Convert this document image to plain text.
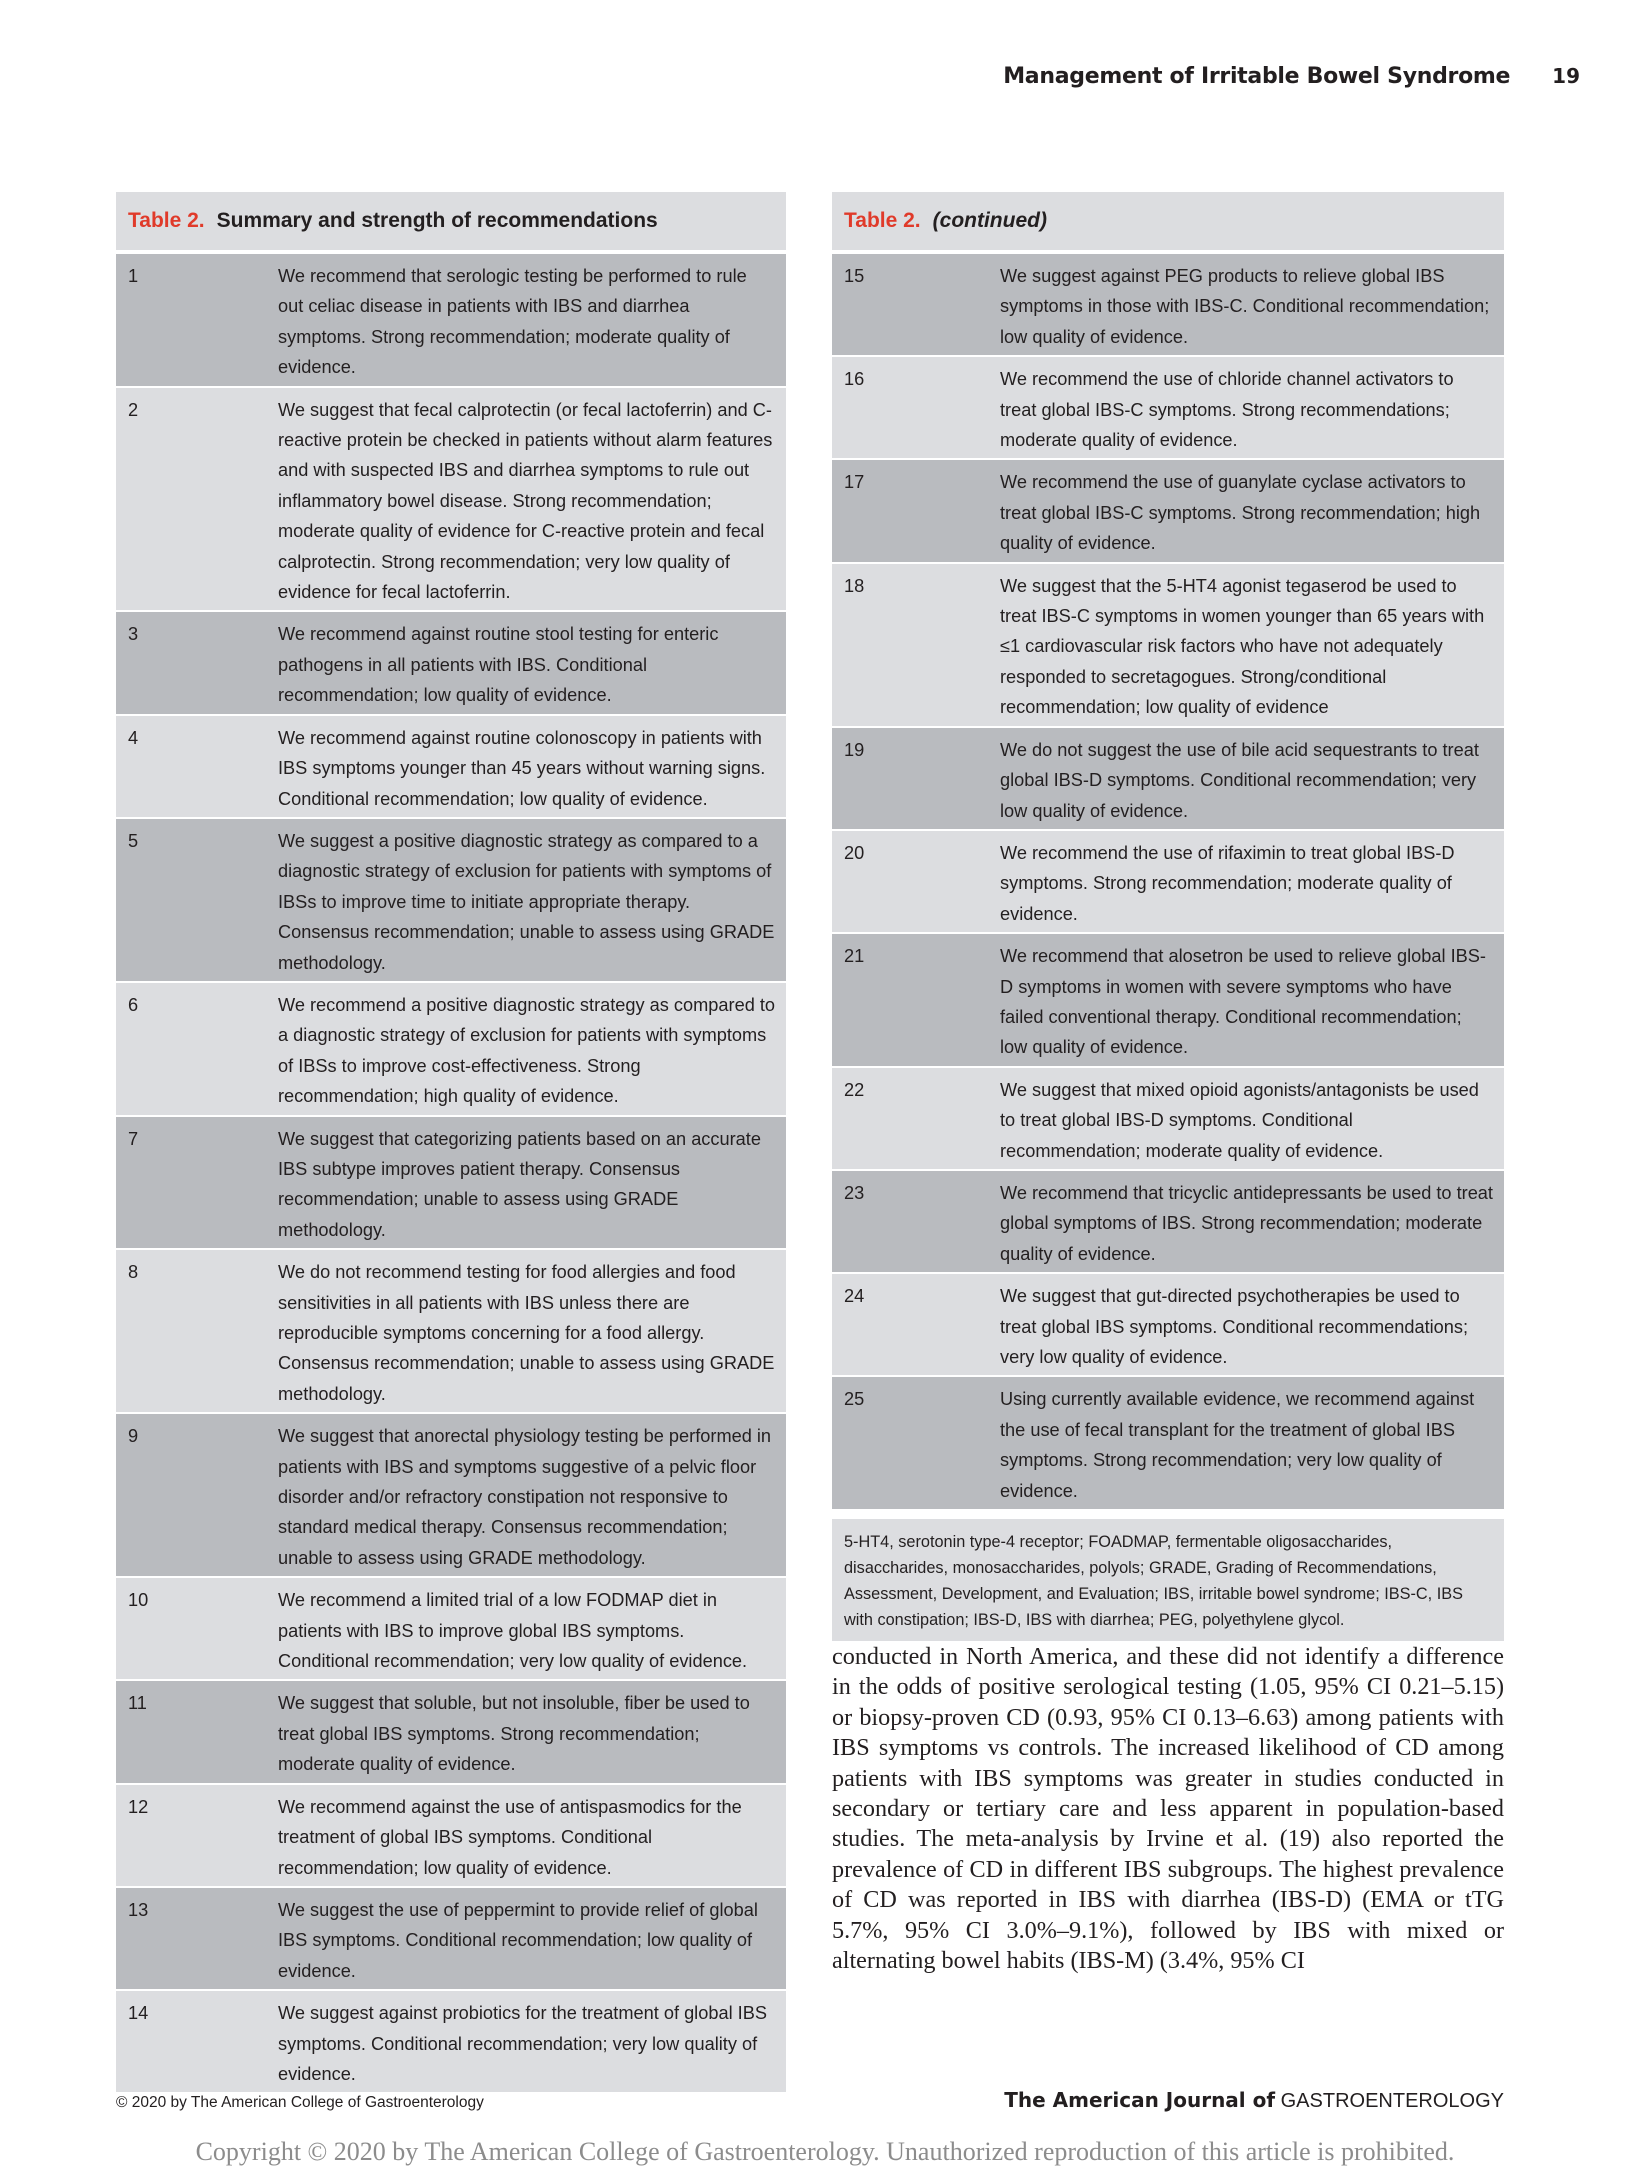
Management of Irritable Bowel Syndrome 19
Table 2. Summary and strength of recommendations
1	We recommend that serologic testing be performed to rule out celiac disease in patients with IBS and diarrhea symptoms. Strong recommendation; moderate quality of evidence.
2	We suggest that fecal calprotectin (or fecal lactoferrin) and C-reactive protein be checked in patients without alarm features and with suspected IBS and diarrhea symptoms to rule out inflammatory bowel disease. Strong recommendation; moderate quality of evidence for C-reactive protein and fecal calprotectin. Strong recommendation; very low quality of evidence for fecal lactoferrin.
3	We recommend against routine stool testing for enteric pathogens in all patients with IBS. Conditional recommendation; low quality of evidence.
4	We recommend against routine colonoscopy in patients with IBS symptoms younger than 45 years without warning signs. Conditional recommendation; low quality of evidence.
5	We suggest a positive diagnostic strategy as compared to a diagnostic strategy of exclusion for patients with symptoms of IBSs to improve time to initiate appropriate therapy. Consensus recommendation; unable to assess using GRADE methodology.
6	We recommend a positive diagnostic strategy as compared to a diagnostic strategy of exclusion for patients with symptoms of IBSs to improve cost-effectiveness. Strong recommendation; high quality of evidence.
7	We suggest that categorizing patients based on an accurate IBS subtype improves patient therapy. Consensus recommendation; unable to assess using GRADE methodology.
8	We do not recommend testing for food allergies and food sensitivities in all patients with IBS unless there are reproducible symptoms concerning for a food allergy. Consensus recommendation; unable to assess using GRADE methodology.
9	We suggest that anorectal physiology testing be performed in patients with IBS and symptoms suggestive of a pelvic floor disorder and/or refractory constipation not responsive to standard medical therapy. Consensus recommendation; unable to assess using GRADE methodology.
10	We recommend a limited trial of a low FODMAP diet in patients with IBS to improve global IBS symptoms. Conditional recommendation; very low quality of evidence.
11	We suggest that soluble, but not insoluble, fiber be used to treat global IBS symptoms. Strong recommendation; moderate quality of evidence.
12	We recommend against the use of antispasmodics for the treatment of global IBS symptoms. Conditional recommendation; low quality of evidence.
13	We suggest the use of peppermint to provide relief of global IBS symptoms. Conditional recommendation; low quality of evidence.
14	We suggest against probiotics for the treatment of global IBS symptoms. Conditional recommendation; very low quality of evidence.
Table 2. (continued)
15	We suggest against PEG products to relieve global IBS symptoms in those with IBS-C. Conditional recommendation; low quality of evidence.
16	We recommend the use of chloride channel activators to treat global IBS-C symptoms. Strong recommendations; moderate quality of evidence.
17	We recommend the use of guanylate cyclase activators to treat global IBS-C symptoms. Strong recommendation; high quality of evidence.
18	We suggest that the 5-HT4 agonist tegaserod be used to treat IBS-C symptoms in women younger than 65 years with ≤1 cardiovascular risk factors who have not adequately responded to secretagogues. Strong/conditional recommendation; low quality of evidence
19	We do not suggest the use of bile acid sequestrants to treat global IBS-D symptoms. Conditional recommendation; very low quality of evidence.
20	We recommend the use of rifaximin to treat global IBS-D symptoms. Strong recommendation; moderate quality of evidence.
21	We recommend that alosetron be used to relieve global IBS-D symptoms in women with severe symptoms who have failed conventional therapy. Conditional recommendation; low quality of evidence.
22	We suggest that mixed opioid agonists/antagonists be used to treat global IBS-D symptoms. Conditional recommendation; moderate quality of evidence.
23	We recommend that tricyclic antidepressants be used to treat global symptoms of IBS. Strong recommendation; moderate quality of evidence.
24	We suggest that gut-directed psychotherapies be used to treat global IBS symptoms. Conditional recommendations; very low quality of evidence.
25	Using currently available evidence, we recommend against the use of fecal transplant for the treatment of global IBS symptoms. Strong recommendation; very low quality of evidence.
5-HT4, serotonin type-4 receptor; FOADMAP, fermentable oligosaccharides, disaccharides, monosaccharides, polyols; GRADE, Grading of Recommendations, Assessment, Development, and Evaluation; IBS, irritable bowel syndrome; IBS-C, IBS with constipation; IBS-D, IBS with diarrhea; PEG, polyethylene glycol.
conducted in North America, and these did not identify a difference in the odds of positive serological testing (1.05, 95% CI 0.21–5.15) or biopsy-proven CD (0.93, 95% CI 0.13–6.63) among patients with IBS symptoms vs controls. The increased likelihood of CD among patients with IBS symptoms was greater in studies conducted in secondary or tertiary care and less apparent in population-based studies. The meta-analysis by Irvine et al. (19) also reported the prevalence of CD in different IBS subgroups. The highest prevalence of CD was reported in IBS with diarrhea (IBS-D) (EMA or tTG 5.7%, 95% CI 3.0%–9.1%), followed by IBS with mixed or alternating bowel habits (IBS-M) (3.4%, 95% CI
© 2020 by The American College of Gastroenterology	The American Journal of GASTROENTEROLOGY
Copyright © 2020 by The American College of Gastroenterology. Unauthorized reproduction of this article is prohibited.
